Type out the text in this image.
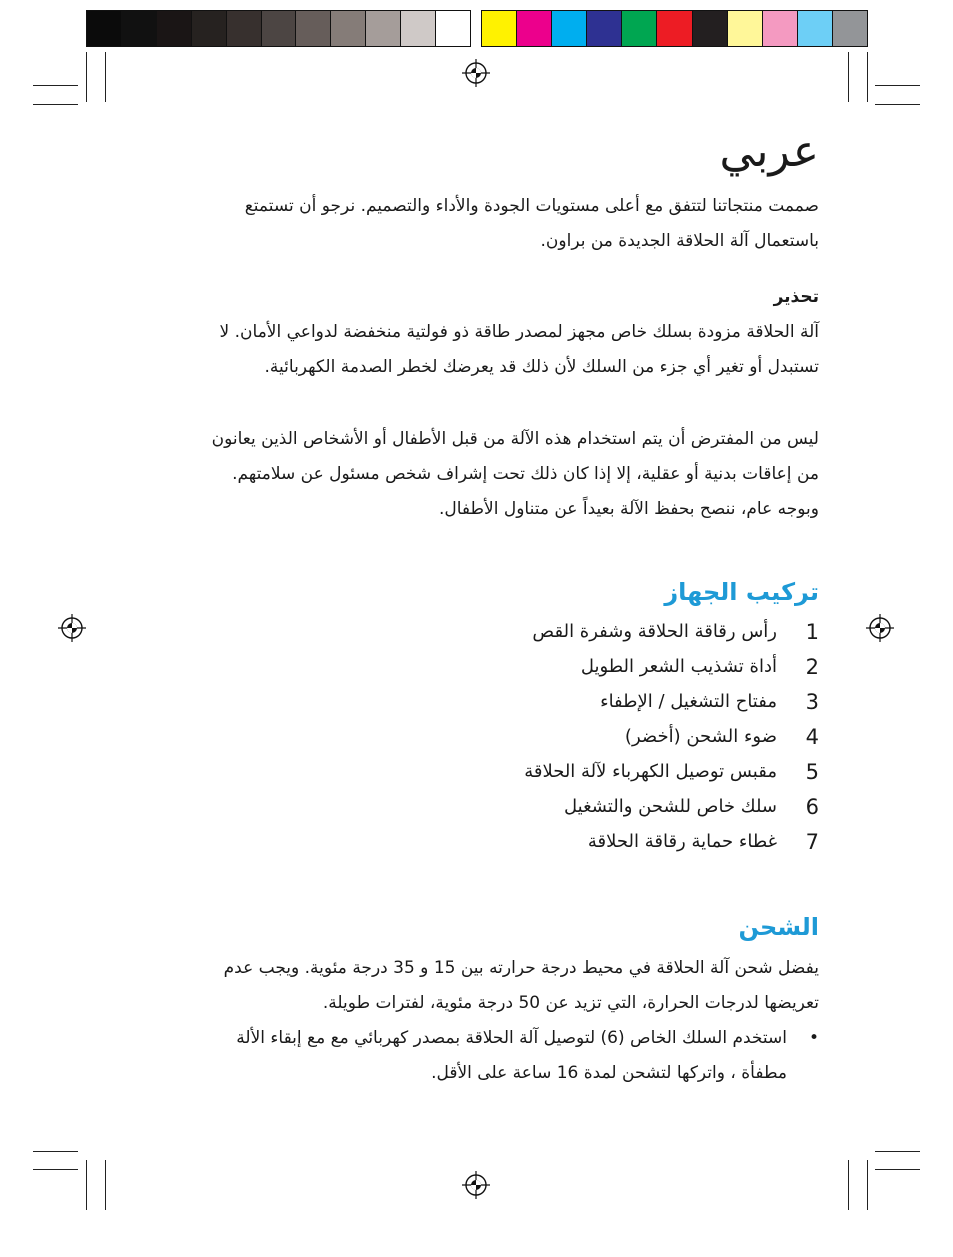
عربي

صممت منتجاتنا لتتفق مع أعلى مستويات الجودة والأداء والتصميم. نرجو أن تستمتع

باستعمال آلة الحلاقة الجديدة من براون.

تحذير

آلة الحلاقة مزودة بسلك خاص مجهز لمصدر طاقة ذو فولتية منخفضة لدواعي الأمان. لا

تستبدل أو تغير أي جزء من السلك لأن ذلك قد يعرضك لخطر الصدمة الكهربائية.

ليس من المفترض أن يتم استخدام هذه الآلة من قبل الأطفال أو الأشخاص الذين يعانون

من إعاقات بدنية أو عقلية، إلا إذا كان ذلك تحت إشراف شخص مسئول عن سلامتهم.

وبوجه عام، ننصح بحفظ الآلة بعيداً عن متناول الأطفال.

تركيب الجهاز
1
رأس رقاقة الحلاقة وشفرة القص
2
أداة تشذيب الشعر الطويل
3
مفتاح التشغيل / الإطفاء
4
ضوء الشحن (أخضر)
5
مقبس توصيل الكهرباء لآلة الحلاقة
6
سلك خاص للشحن والتشغيل
7
غطاء حماية رقاقة الحلاقة
الشحن

يفضل شحن آلة الحلاقة في محيط درجة حرارته بين 15 و 35 درجة مئوية. ويجب عدم

تعريضها لدرجات الحرارة، التي تزيد عن 50 درجة مئوية، لفترات طويلة.

•

استخدم السلك الخاص (6) لتوصيل آلة الحلاقة بمصدر كهربائي مع مع إبقاء الألة

مطفأة ، واتركها لتشحن لمدة 16 ساعة على الأقل.
